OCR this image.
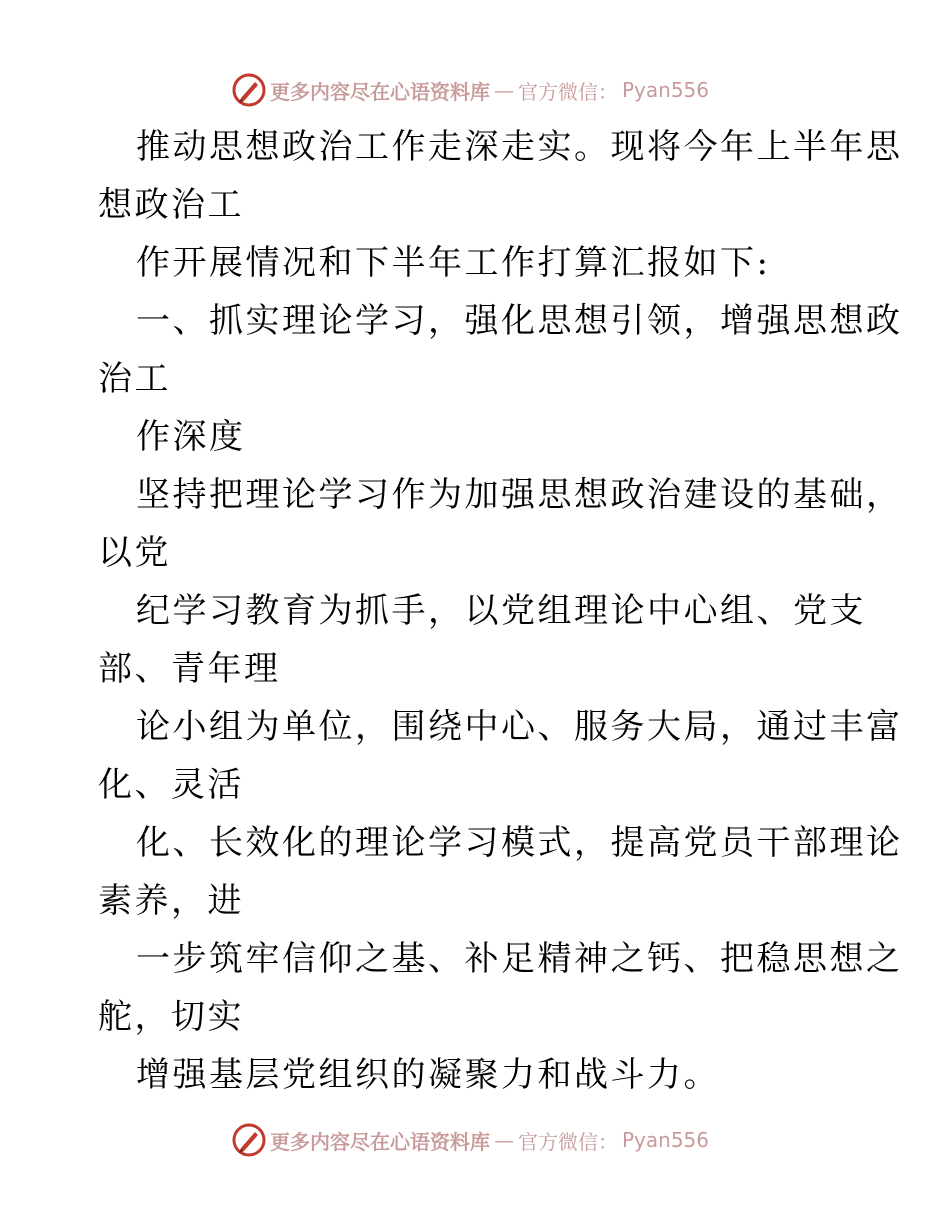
更多内容尽在心语资料库 — 官方微信： Pyan556
推动思想政治工作走深走实。现将今年上半年思
想政治工
作开展情况和下半年工作打算汇报如下:
一、抓实理论学习，强化思想引领，增强思想政
治工
作深度
坚持把理论学习作为加强思想政治建设的基础，
以党
纪学习教育为抓手，以党组理论中心组、党支
部、青年理
论小组为单位，围绕中心、服务大局，通过丰富
化、灵活
化、长效化的理论学习模式，提高党员干部理论
素养，进
一步筑牢信仰之基、补足精神之钙、把稳思想之
舵，切实
增强基层党组织的凝聚力和战斗力。
更多内容尽在心语资料库 — 官方微信： Pyan556
